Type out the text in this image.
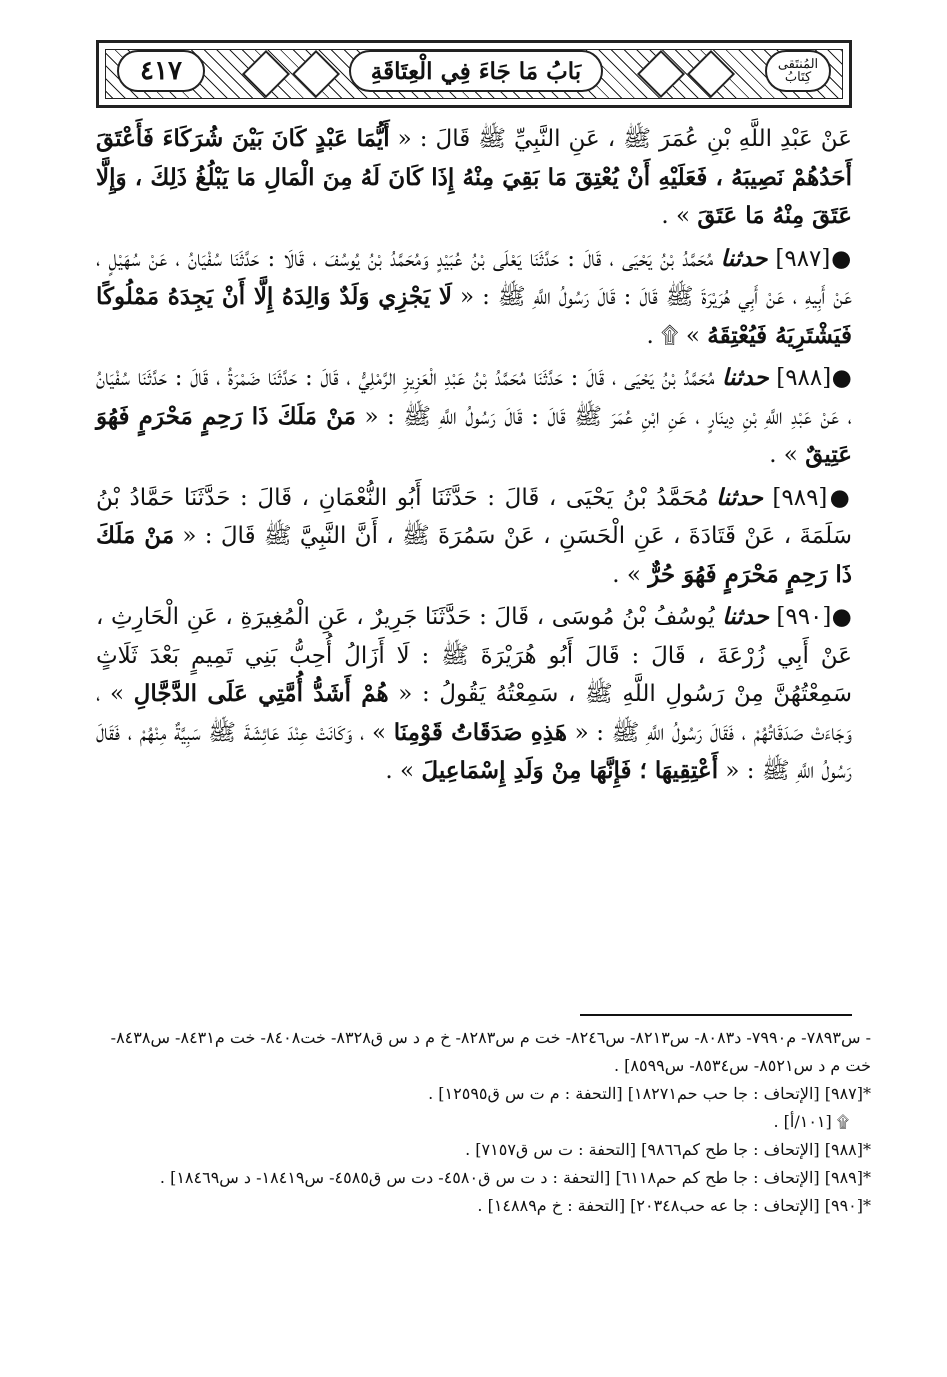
٤١٧	بَابُ مَا جَاءَ فِي الْعِتَاقَةِ	المُنتَقى
كِتَابُ

عَنْ عَبْدِ اللَّهِ بْنِ عُمَرَ ﷺ ، عَنِ النَّبِيِّ ﷺ قَالَ : « أَيُّمَا عَبْدٍ كَانَ بَيْنَ شُرَكَاءَ فَأَعْتَقَ أَحَدُهُمْ نَصِيبَهُ ، فَعَلَيْهِ أَنْ يُعْتِقَ مَا بَقِيَ مِنْهُ إِذَا كَانَ لَهُ مِنَ الْمَالِ مَا يَبْلُغُ ذَلِكَ ، وَإِلَّا عَتَقَ مِنْهُ مَا عَتَقَ » .

●[٩٨٧] حدثنا مُحَمَّدُ بْنُ يَحْيَى ، قَالَ : حَدَّثَنَا يَعْلَى بْنُ عُبَيْدٍ وَمُحَمَّدُ بْنُ يُوسُفَ ، قَالَا : حَدَّثَنَا سُفْيَانُ ، عَنْ سُهَيْلٍ ، عَنْ أَبِيهِ ، عَنْ أَبِي هُرَيْرَةَ ﷺ قَالَ : قَالَ رَسُولُ اللَّهِ ﷺ : « لَا يَجْزِي وَلَدٌ وَالِدَهُ إِلَّا أَنْ يَجِدَهُ مَمْلُوكًا فَيَشْتَرِيَهُ فَيُعْتِقَهُ » ۩ .

●[٩٨٨] حدثنا مُحَمَّدُ بْنُ يَحْيَى ، قَالَ : حَدَّثَنَا مُحَمَّدُ بْنُ عَبْدِ الْعَزِيزِ الرَّمْلِيُّ ، قَالَ : حَدَّثَنَا ضَمْرَةُ ، قَالَ : حَدَّثَنَا سُفْيَانُ ، عَنْ عَبْدِ اللَّهِ بْنِ دِينَارٍ ، عَنِ ابْنِ عُمَرَ ﷺ قَالَ : قَالَ رَسُولُ اللَّهِ ﷺ : « مَنْ مَلَكَ ذَا رَحِمٍ مَحْرَمٍ فَهُوَ عَتِيقٌ » .

●[٩٨٩] حدثنا مُحَمَّدُ بْنُ يَحْيَى ، قَالَ : حَدَّثَنَا أَبُو النُّعْمَانِ ، قَالَ : حَدَّثَنَا حَمَّادُ بْنُ سَلَمَةَ ، عَنْ قَتَادَةَ ، عَنِ الْحَسَنِ ، عَنْ سَمُرَةَ ﷺ ، أَنَّ النَّبِيَّ ﷺ قَالَ : « مَنْ مَلَكَ ذَا رَحِمٍ مَحْرَمٍ فَهُوَ حُرٌّ » .

●[٩٩٠] حدثنا يُوسُفُ بْنُ مُوسَى ، قَالَ : حَدَّثَنَا جَرِيرٌ ، عَنِ الْمُغِيرَةِ ، عَنِ الْحَارِثِ ، عَنْ أَبِي زُرْعَةَ ، قَالَ : قَالَ أَبُو هُرَيْرَةَ ﷺ : لَا أَزَالُ أُحِبُّ بَنِي تَمِيمٍ بَعْدَ ثَلَاثٍ سَمِعْتُهُنَّ مِنْ رَسُولِ اللَّهِ ﷺ ، سَمِعْتُهُ يَقُولُ : « هُمْ أَشَدُّ أُمَّتِي عَلَى الدَّجَّالِ » ، وَجَاءَتْ صَدَقَاتُهُمْ ، فَقَالَ رَسُولُ اللَّهِ ﷺ : « هَذِهِ صَدَقَاتُ قَوْمِنَا » ، وَكَانَتْ عِنْدَ عَائِشَةَ ﷺ سَبِيَّةٌ مِنْهُمْ ، فَقَالَ رَسُولُ اللَّهِ ﷺ : « أَعْتِقِيهَا ؛ فَإِنَّهَا مِنْ وَلَدِ إِسْمَاعِيلَ » .

- س٧٨٩٣- م٧٩٩٠- د٨٠٨٣- س٨٢١٣- س٨٢٤٦- خت م س٨٢٨٣- خ م د س ق٨٣٢٨- خت٨٤٠٨- خت م٨٤٣١- س٨٤٣٨- خت م د س٨٥٢١- س٨٥٣٤- س٨٥٩٩] .

*[٩٨٧] [الإتحاف : جا حب حم١٨٢٧١] [التحفة : م ت س ق١٢٥٩٥] .

۩ [١٠١/أ] .

*[٩٨٨] [الإتحاف : جا طح كم٩٨٦٦] [التحفة : ت س ق٧١٥٧] .

*[٩٨٩] [الإتحاف : جا طح كم حم٦١١٨] [التحفة : د ت س ق٤٥٨٠- دت س ق٤٥٨٥- س١٨٤١٩- د س١٨٤٦٩] .

*[٩٩٠] [الإتحاف : جا عه حب٢٠٣٤٨] [التحفة : خ م١٤٨٨٩] .
